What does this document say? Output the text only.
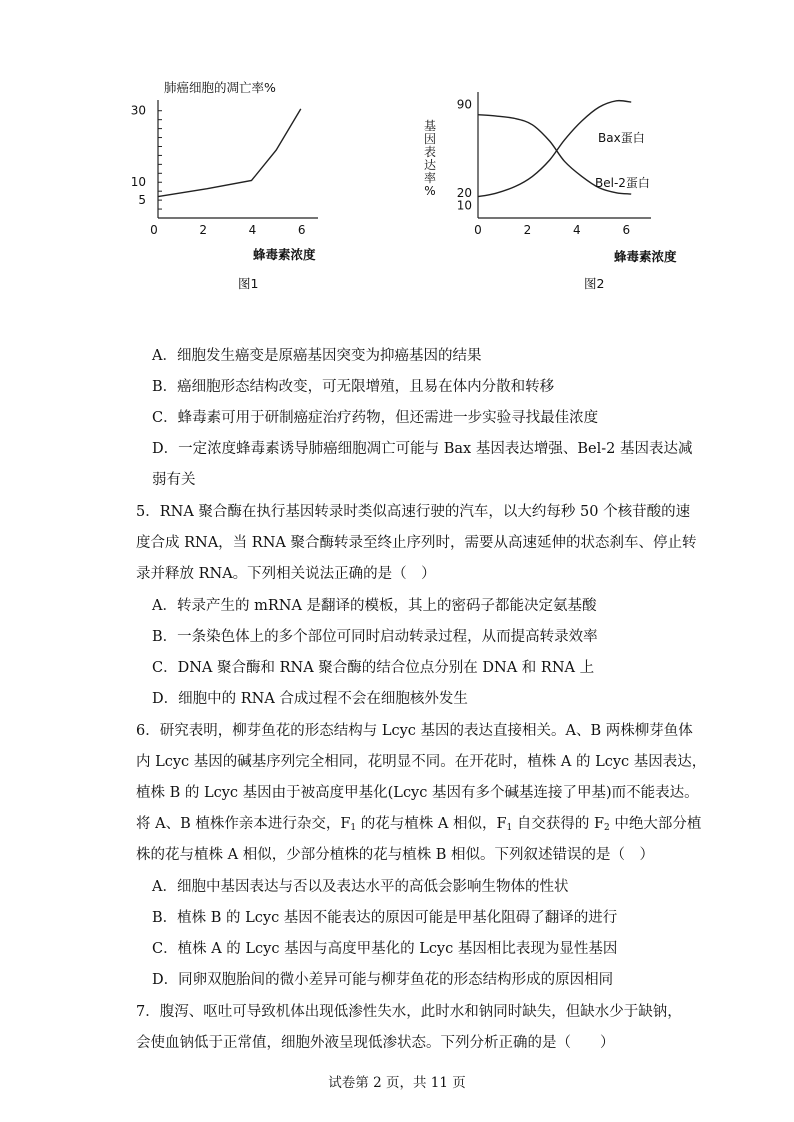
肺癌细胞的凋亡率%
5
10
30
0	2	4	6
蜂毒素浓度
图1
基
因
表
达
率
%
10
20
90
0	2	4	6
Bax蛋白
Bel-2蛋白
蜂毒素浓度
图2
A．细胞发生癌变是原癌基因突变为抑癌基因的结果
B．癌细胞形态结构改变，可无限增殖，且易在体内分散和转移
C．蜂毒素可用于研制癌症治疗药物，但还需进一步实验寻找最佳浓度
D．一定浓度蜂毒素诱导肺癌细胞凋亡可能与 Bax 基因表达增强、Bel-2 基因表达减
弱有关
5．RNA 聚合酶在执行基因转录时类似高速行驶的汽车，以大约每秒 50 个核苷酸的速
度合成 RNA，当 RNA 聚合酶转录至终止序列时，需要从高速延伸的状态刹车、停止转
录并释放 RNA。下列相关说法正确的是（　）
A．转录产生的 mRNA 是翻译的模板，其上的密码子都能决定氨基酸
B．一条染色体上的多个部位可同时启动转录过程，从而提高转录效率
C．DNA 聚合酶和 RNA 聚合酶的结合位点分别在 DNA 和 RNA 上
D．细胞中的 RNA 合成过程不会在细胞核外发生
6．研究表明，柳芽鱼花的形态结构与 Lcyc 基因的表达直接相关。A、B 两株柳芽鱼体
内 Lcyc 基因的碱基序列完全相同，花明显不同。在开花时，植株 A 的 Lcyc 基因表达，
植株 B 的 Lcyc 基因由于被高度甲基化(Lcyc 基因有多个碱基连接了甲基)而不能表达。
将 A、B 植株作亲本进行杂交，$F_1$ 的花与植株 A 相似，$F_1$ 自交获得的 $F_2$ 中绝大部分植
株的花与植株 A 相似，少部分植株的花与植株 B 相似。下列叙述错误的是（　）
A．细胞中基因表达与否以及表达水平的高低会影响生物体的性状
B．植株 B 的 Lcyc 基因不能表达的原因可能是甲基化阻碍了翻译的进行
C．植株 A 的 Lcyc 基因与高度甲基化的 Lcyc 基因相比表现为显性基因
D．同卵双胞胎间的微小差异可能与柳芽鱼花的形态结构形成的原因相同
7．腹泻、呕吐可导致机体出现低渗性失水，此时水和钠同时缺失，但缺水少于缺钠，
会使血钠低于正常值，细胞外液呈现低渗状态。下列分析正确的是（　　）
试卷第 2 页，共 11 页
